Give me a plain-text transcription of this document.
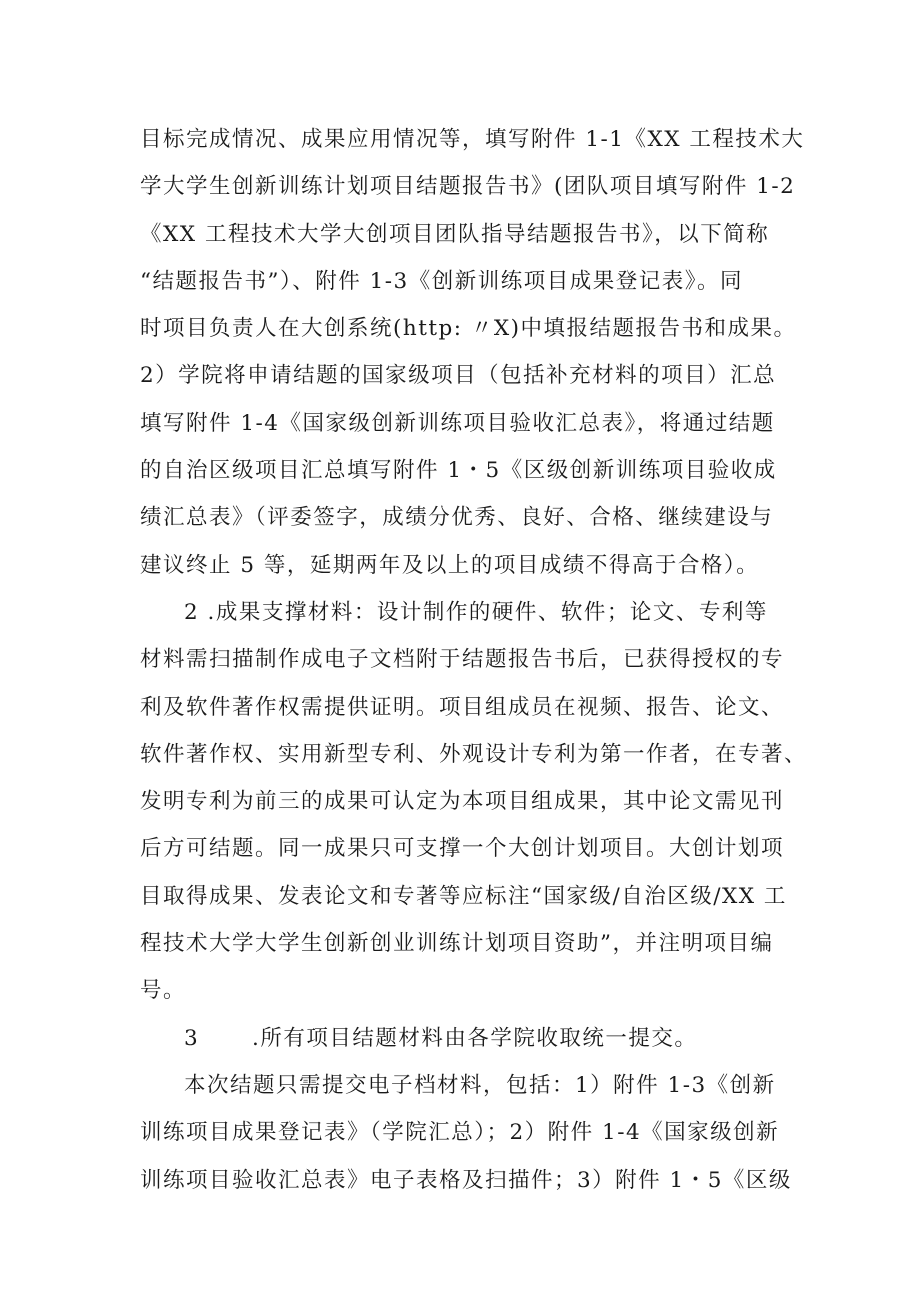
目标完成情况、成果应用情况等，填写附件 1-1《XX 工程技术大
学大学生创新训练计划项目结题报告书》(团队项目填写附件 1-2
《XX 工程技术大学大创项目团队指导结题报告书》，以下简称
“结题报告书”）、附件 1-3《创新训练项目成果登记表》。同
时项目负责人在大创系统(http: 〃X)中填报结题报告书和成果。
2）学院将申请结题的国家级项目（包括补充材料的项目）汇总
填写附件 1-4《国家级创新训练项目验收汇总表》，将通过结题
的自治区级项目汇总填写附件 1・5《区级创新训练项目验收成
绩汇总表》（评委签字，成绩分优秀、良好、合格、继续建设与
建议终止 5 等，延期两年及以上的项目成绩不得高于合格）。

2 .成果支撑材料：设计制作的硬件、软件；论文、专利等
材料需扫描制作成电子文档附于结题报告书后，已获得授权的专
利及软件著作权需提供证明。项目组成员在视频、报告、论文、
软件著作权、实用新型专利、外观设计专利为第一作者，在专著、
发明专利为前三的成果可认定为本项目组成果，其中论文需见刊
后方可结题。同一成果只可支撑一个大创计划项目。大创计划项
目取得成果、发表论文和专著等应标注“国家级/自治区级/XX 工
程技术大学大学生创新创业训练计划项目资助”，并注明项目编
号。

3 .所有项目结题材料由各学院收取统一提交。

本次结题只需提交电子档材料，包括：1）附件 1-3《创新
训练项目成果登记表》（学院汇总）；2）附件 1-4《国家级创新
训练项目验收汇总表》电子表格及扫描件；3）附件 1・5《区级
